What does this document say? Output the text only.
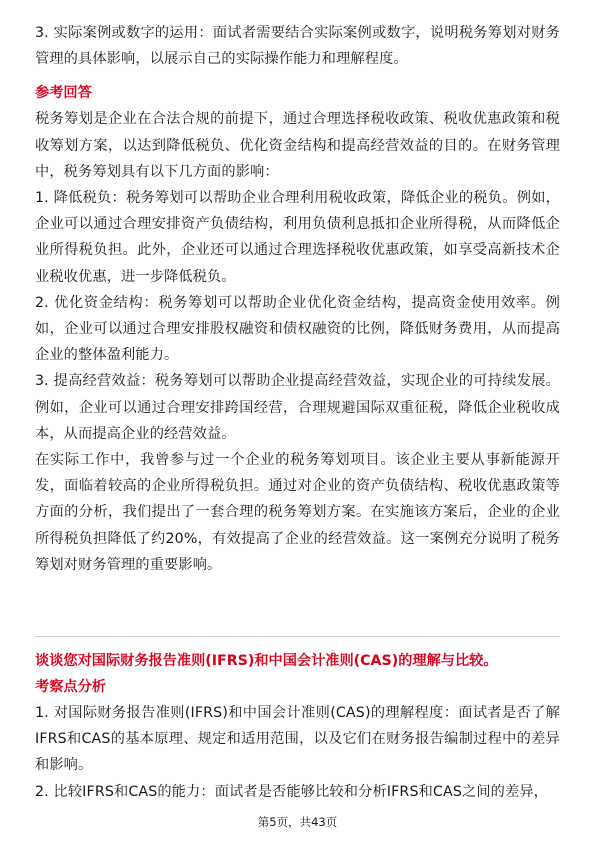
3. 实际案例或数字的运用：面试者需要结合实际案例或数字，说明税务筹划对财务管理的具体影响，以展示自己的实际操作能力和理解程度。

参考回答

税务筹划是企业在合法合规的前提下，通过合理选择税收政策、税收优惠政策和税收筹划方案，以达到降低税负、优化资金结构和提高经营效益的目的。在财务管理中，税务筹划具有以下几方面的影响：

1. 降低税负：税务筹划可以帮助企业合理利用税收政策，降低企业的税负。例如，企业可以通过合理安排资产负债结构，利用负债利息抵扣企业所得税，从而降低企业所得税负担。此外，企业还可以通过合理选择税收优惠政策，如享受高新技术企业税收优惠，进一步降低税负。

2. 优化资金结构：税务筹划可以帮助企业优化资金结构，提高资金使用效率。例如，企业可以通过合理安排股权融资和债权融资的比例，降低财务费用，从而提高企业的整体盈利能力。

3. 提高经营效益：税务筹划可以帮助企业提高经营效益，实现企业的可持续发展。例如，企业可以通过合理安排跨国经营，合理规避国际双重征税，降低企业税收成本，从而提高企业的经营效益。

在实际工作中，我曾参与过一个企业的税务筹划项目。该企业主要从事新能源开发，面临着较高的企业所得税负担。通过对企业的资产负债结构、税收优惠政策等方面的分析，我们提出了一套合理的税务筹划方案。在实施该方案后，企业的企业所得税负担降低了约20%，有效提高了企业的经营效益。这一案例充分说明了税务筹划对财务管理的重要影响。

谈谈您对国际财务报告准则(IFRS)和中国会计准则(CAS)的理解与比较。
考察点分析

1. 对国际财务报告准则(IFRS)和中国会计准则(CAS)的理解程度：面试者是否了解IFRS和CAS的基本原理、规定和适用范围，以及它们在财务报告编制过程中的差异和影响。

2. 比较IFRS和CAS的能力：面试者是否能够比较和分析IFRS和CAS之间的差异，

第5页，共43页
